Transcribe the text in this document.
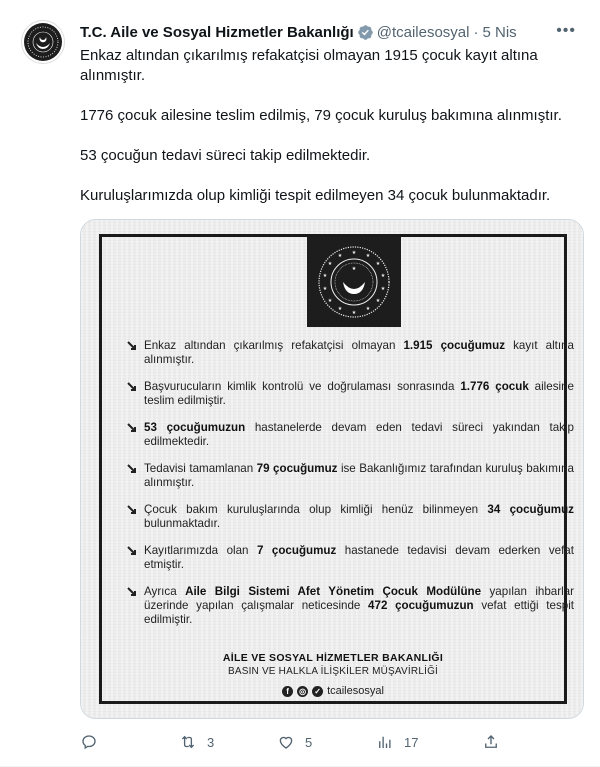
T.C. Aile ve Sosyal Hizmetler Bakanlığı @tcailesosyal · 5 Nis •••

Enkaz altından çıkarılmış refakatçisi olmayan 1915 çocuk kayıt altına alınmıştır.

1776 çocuk ailesine teslim edilmiş, 79 çocuk kuruluş bakımına alınmıştır.

53 çocuğun tedavi süreci takip edilmektedir.

Kuruluşlarımızda olup kimliği tespit edilmeyen 34 çocuk bulunmaktadır.

★ ★
★
★
★
★
★
★
★
★
★
★
★
★
★
Enkaz altından çıkarılmış refakatçisi olmayan 1.915 çocuğumuz kayıt altına alınmıştır.
Başvurucuların kimlik kontrolü ve doğrulaması sonrasında 1.776 çocuk ailesine teslim edilmiştir.
53 çocuğumuzun hastanelerde devam eden tedavi süreci yakından takip edilmektedir.
Tedavisi tamamlanan 79 çocuğumuz ise Bakanlığımız tarafından kuruluş bakımına alınmıştır.
Çocuk bakım kuruluşlarında olup kimliği henüz bilinmeyen 34 çocuğumuz bulunmaktadır.
Kayıtlarımızda olan 7 çocuğumuz hastanede tedavisi devam ederken vefat etmiştir.
Ayrıca Aile Bilgi Sistemi Afet Yönetim Çocuk Modülüne yapılan ihbarlar üzerinde yapılan çalışmalar neticesinde 472 çocuğumuzun vefat ettiği tespit edilmiştir.
AİLE VE SOSYAL HİZMETLER BAKANLIĞI
BASIN VE HALKLA İLİŞKİLER MÜŞAVİRLİĞİ
f	◎ ✓ tcailesosyal
3	5	17
